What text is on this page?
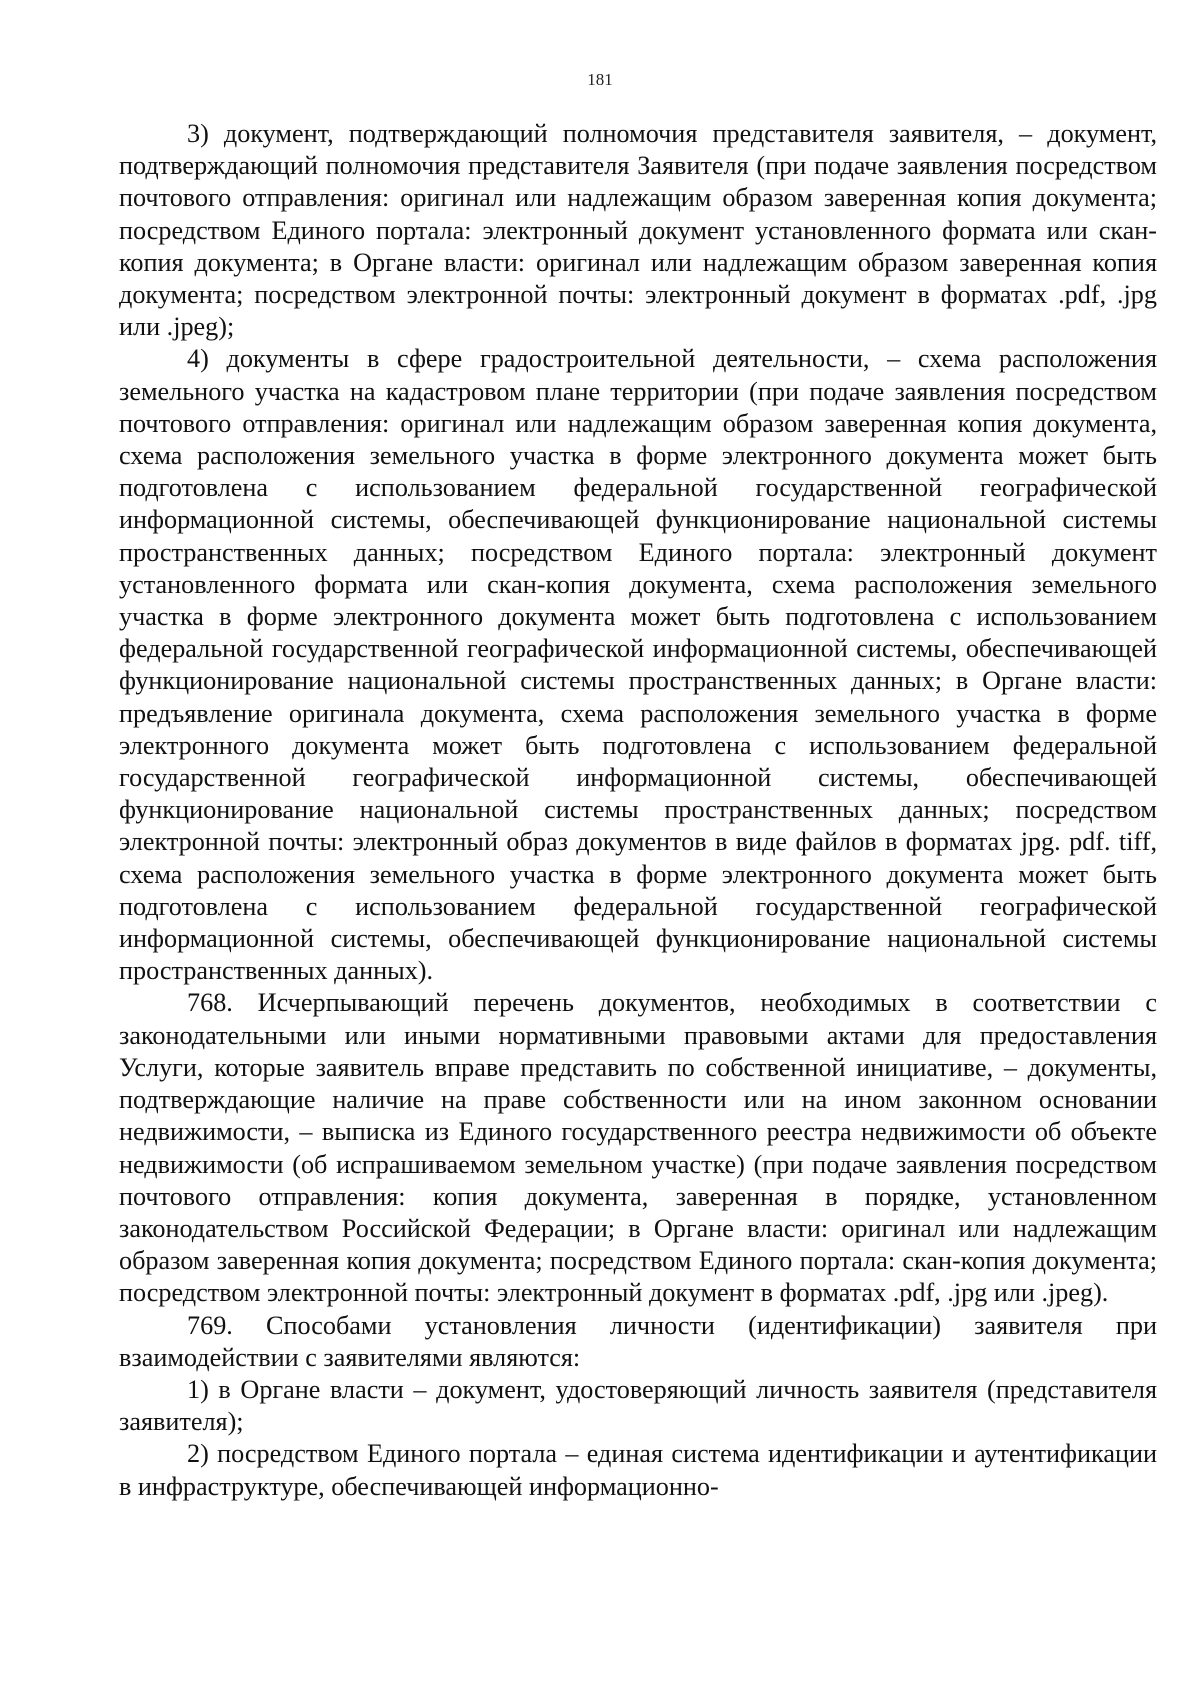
181

3) документ, подтверждающий полномочия представителя заявителя, – документ, подтверждающий полномочия представителя Заявителя (при подаче заявления посредством почтового отправления: оригинал или надлежащим образом заверенная копия документа; посредством Единого портала: электронный документ установленного формата или скан-копия документа; в Органе власти: оригинал или надлежащим образом заверенная копия документа; посредством электронной почты: электронный документ в форматах .pdf, .jpg или .jpeg);

4) документы в сфере градостроительной деятельности, – схема расположения земельного участка на кадастровом плане территории (при подаче заявления посредством почтового отправления: оригинал или надлежащим образом заверенная копия документа, схема расположения земельного участка в форме электронного документа может быть подготовлена с использованием федеральной государственной географической информационной системы, обеспечивающей функционирование национальной системы пространственных данных; посредством Единого портала: электронный документ установленного формата или скан-копия документа, схема расположения земельного участка в форме электронного документа может быть подготовлена с использованием федеральной государственной географической информационной системы, обеспечивающей функционирование национальной системы пространственных данных; в Органе власти: предъявление оригинала документа, схема расположения земельного участка в форме электронного документа может быть подготовлена с использованием федеральной государственной географической информационной системы, обеспечивающей функционирование национальной системы пространственных данных; посредством электронной почты: электронный образ документов в виде файлов в форматах jpg. pdf. tiff, схема расположения земельного участка в форме электронного документа может быть подготовлена с использованием федеральной государственной географической информационной системы, обеспечивающей функционирование национальной системы пространственных данных).

768. Исчерпывающий перечень документов, необходимых в соответствии с законодательными или иными нормативными правовыми актами для предоставления Услуги, которые заявитель вправе представить по собственной инициативе, – документы, подтверждающие наличие на праве собственности или на ином законном основании недвижимости, – выписка из Единого государственного реестра недвижимости об объекте недвижимости (об испрашиваемом земельном участке) (при подаче заявления посредством почтового отправления: копия документа, заверенная в порядке, установленном законодательством Российской Федерации; в Органе власти: оригинал или надлежащим образом заверенная копия документа; посредством Единого портала: скан-копия документа; посредством электронной почты: электронный документ в форматах .pdf, .jpg или .jpeg).

769. Способами установления личности (идентификации) заявителя при взаимодействии с заявителями являются:

1) в Органе власти – документ, удостоверяющий личность заявителя (представителя заявителя);

2) посредством Единого портала – единая система идентификации и аутентификации в инфраструктуре, обеспечивающей информационно-
